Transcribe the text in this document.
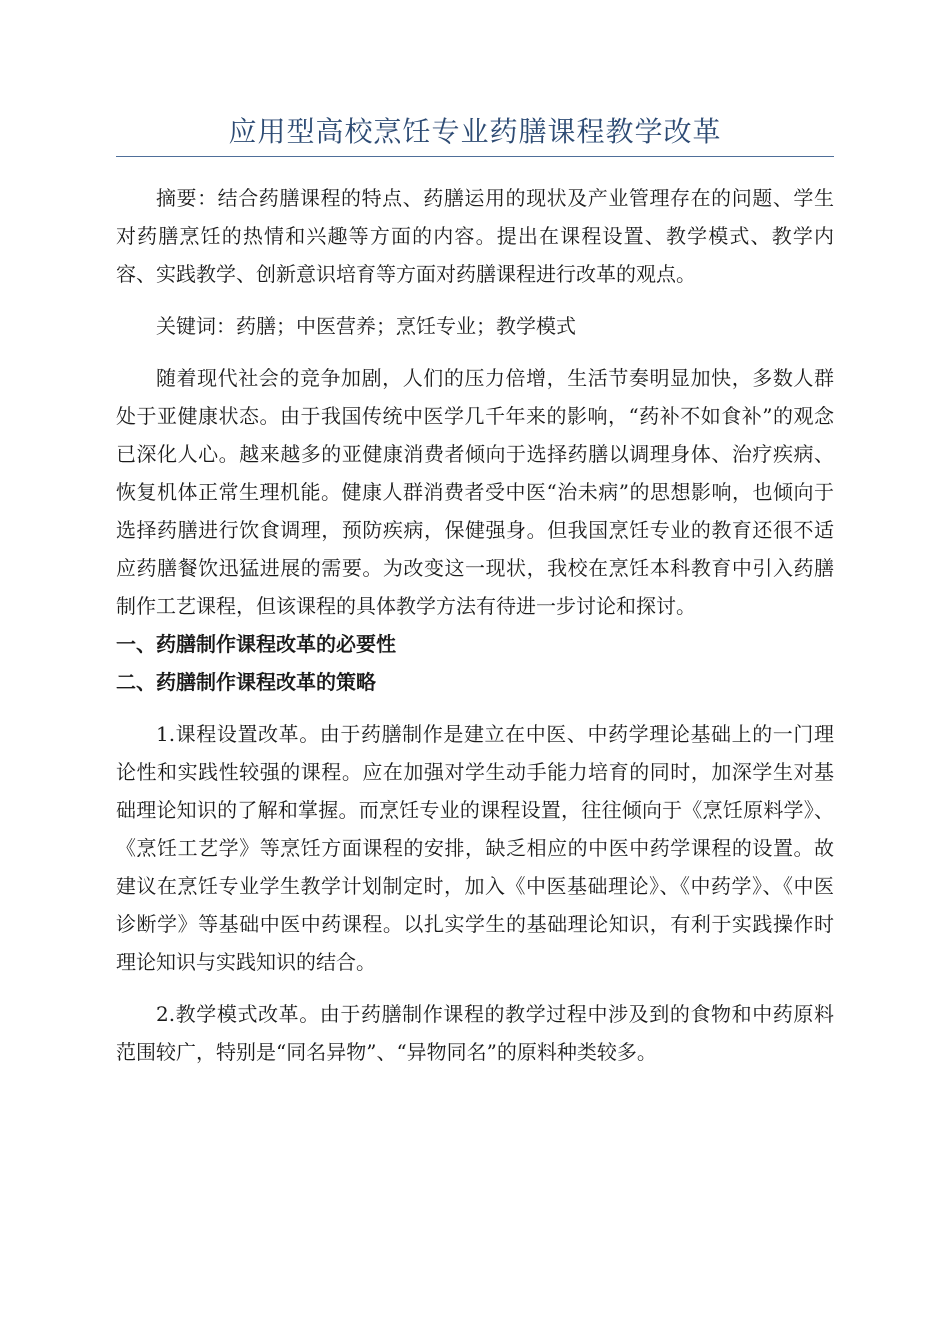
应用型高校烹饪专业药膳课程教学改革

摘要：结合药膳课程的特点、药膳运用的现状及产业管理存在的问题、学生对药膳烹饪的热情和兴趣等方面的内容。提出在课程设置、教学模式、教学内容、实践教学、创新意识培育等方面对药膳课程进行改革的观点。

关键词：药膳；中医营养；烹饪专业；教学模式

随着现代社会的竞争加剧，人们的压力倍增，生活节奏明显加快，多数人群处于亚健康状态。由于我国传统中医学几千年来的影响，“药补不如食补”的观念已深化人心。越来越多的亚健康消费者倾向于选择药膳以调理身体、治疗疾病、恢复机体正常生理机能。健康人群消费者受中医“治未病”的思想影响，也倾向于选择药膳进行饮食调理，预防疾病，保健强身。但我国烹饪专业的教育还很不适应药膳餐饮迅猛进展的需要。为改变这一现状，我校在烹饪本科教育中引入药膳制作工艺课程，但该课程的具体教学方法有待进一步讨论和探讨。

一、药膳制作课程改革的必要性
二、药膳制作课程改革的策略

1.课程设置改革。由于药膳制作是建立在中医、中药学理论基础上的一门理论性和实践性较强的课程。应在加强对学生动手能力培育的同时，加深学生对基础理论知识的了解和掌握。而烹饪专业的课程设置，往往倾向于《烹饪原料学》、《烹饪工艺学》等烹饪方面课程的安排，缺乏相应的中医中药学课程的设置。故建议在烹饪专业学生教学计划制定时，加入《中医基础理论》、《中药学》、《中医诊断学》等基础中医中药课程。以扎实学生的基础理论知识，有利于实践操作时理论知识与实践知识的结合。

2.教学模式改革。由于药膳制作课程的教学过程中涉及到的食物和中药原料范围较广，特别是“同名异物”、“异物同名”的原料种类较多。
